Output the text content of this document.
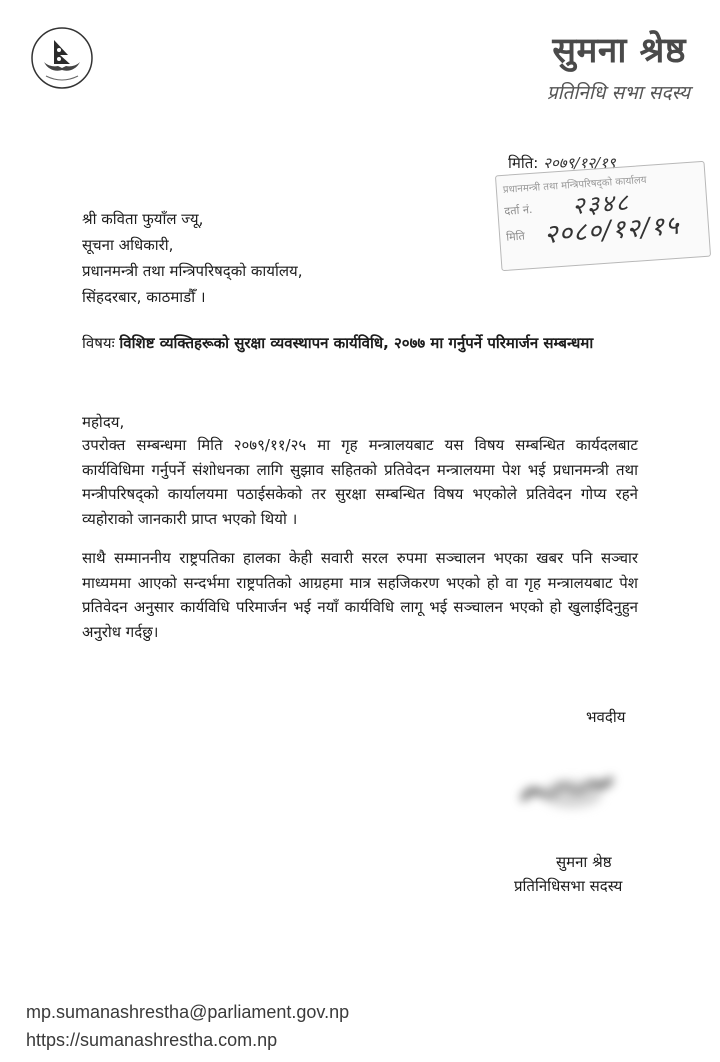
सुमना श्रेष्ठ
प्रतिनिधि सभा सदस्य
मिति: २०७९/१२/१९
प्रधानमन्त्री तथा मन्त्रिपरिषद्को कार्यालय
दर्ता नं. २३४८
मिति २०८०/१२/१५
श्री कविता फुयाँल ज्यू,
सूचना अधिकारी,
प्रधानमन्त्री तथा मन्त्रिपरिषद्को कार्यालय,
सिंहदरबार, काठमाडौँ ।
विषयः विशिष्ट व्यक्तिहरूको सुरक्षा व्यवस्थापन कार्यविधि, २०७७ मा गर्नुपर्ने परिमार्जन सम्बन्धमा
महोदय,
उपरोक्त सम्बन्धमा मिति २०७९/११/२५ मा गृह मन्त्रालयबाट यस विषय सम्बन्धित कार्यदलबाट कार्यविधिमा गर्नुपर्ने संशोधनका लागि सुझाव सहितको प्रतिवेदन मन्त्रालयमा पेश भई प्रधानमन्त्री तथा मन्त्रीपरिषद्को कार्यालयमा पठाईसकेको तर सुरक्षा सम्बन्धित विषय भएकोले प्रतिवेदन गोप्य रहने व्यहोराको जानकारी प्राप्त भएको थियो ।
साथै सम्माननीय राष्ट्रपतिका हालका केही सवारी सरल रुपमा सञ्चालन भएका खबर पनि सञ्चार माध्यममा आएको सन्दर्भमा राष्ट्रपतिको आग्रहमा मात्र सहजिकरण भएको हो वा गृह मन्त्रालयबाट पेश प्रतिवेदन अनुसार कार्यविधि परिमार्जन भई नयाँ कार्यविधि लागू भई सञ्चालन भएको हो खुलाईदिनुहुन अनुरोध गर्दछु।
भवदीय
सुमना श्रेष्ठ
प्रतिनिधिसभा सदस्य
mp.sumanashrestha@parliament.gov.np
https://sumanashrestha.com.np
